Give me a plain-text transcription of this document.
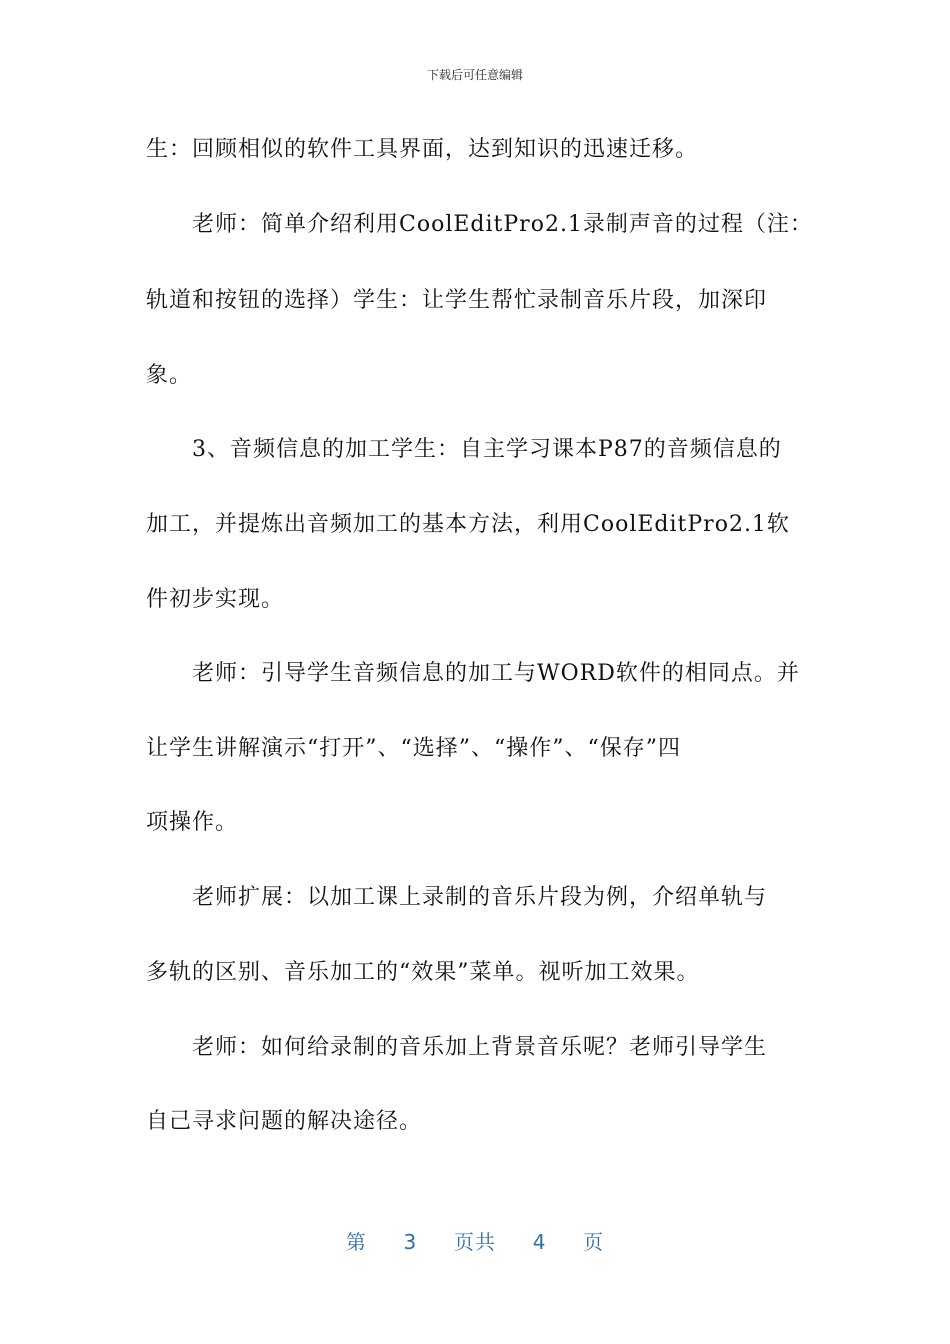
下载后可任意编辑
生：回顾相似的软件工具界面，达到知识的迅速迁移。
老师：简单介绍利用CoolEditPro2.1录制声音的过程（注：
轨道和按钮的选择）学生：让学生帮忙录制音乐片段，加深印
象。
3、音频信息的加工学生：自主学习课本P87的音频信息的
加工，并提炼出音频加工的基本方法，利用CoolEditPro2.1软
件初步实现。
老师：引导学生音频信息的加工与WORD软件的相同点。并
让学生讲解演示“打开”、“选择”、“操作”、“保存”四
项操作。
老师扩展：以加工课上录制的音乐片段为例，介绍单轨与
多轨的区别、音乐加工的“效果”菜单。视听加工效果。
老师：如何给录制的音乐加上背景音乐呢？老师引导学生
自己寻求问题的解决途径。
第 3 页共 4 页
